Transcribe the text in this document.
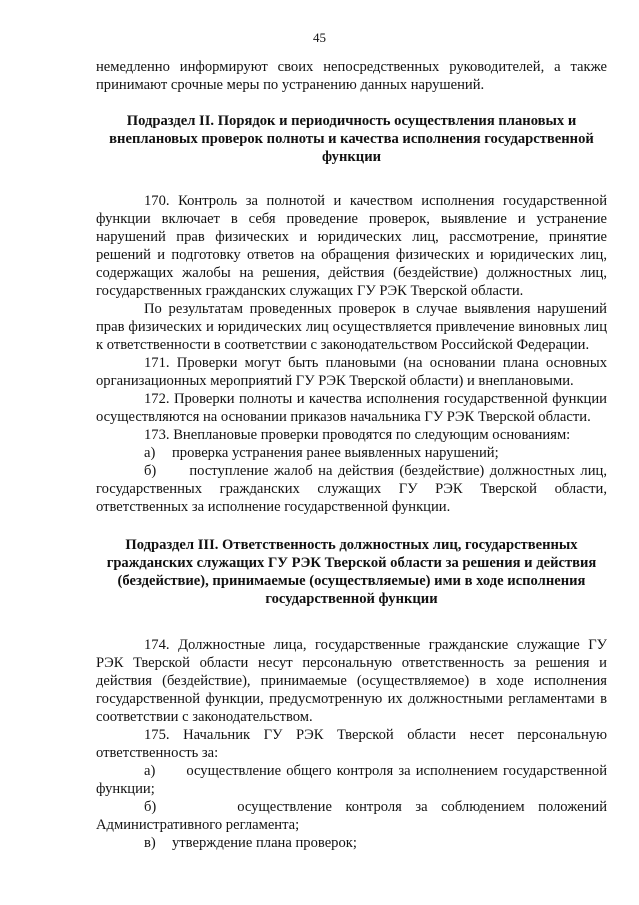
45

немедленно информируют своих непосредственных руководителей, а также принимают срочные меры по устранению данных нарушений.

Подраздел II. Порядок и периодичность осуществления плановых и внеплановых проверок полноты и качества исполнения государственной функции

170. Контроль за полнотой и качеством исполнения государственной функции включает в себя проведение проверок, выявление и устранение нарушений прав физических и юридических лиц, рассмотрение, принятие решений и подготовку ответов на обращения физических и юридических лиц, содержащих жалобы на решения, действия (бездействие) должностных лиц, государственных гражданских служащих ГУ РЭК Тверской области.

По результатам проведенных проверок в случае выявления нарушений прав физических и юридических лиц осуществляется привлечение виновных лиц к ответственности в соответствии с законодательством Российской Федерации.

171. Проверки могут быть плановыми (на основании плана основных организационных мероприятий ГУ РЭК Тверской области) и внеплановыми.

172. Проверки полноты и качества исполнения государственной функции осуществляются на основании приказов начальника ГУ РЭК Тверской области.

173. Внеплановые проверки проводятся по следующим основаниям:

а)	проверка устранения ранее выявленных нарушений;

б) поступление жалоб на действия (бездействие) должностных лиц, государственных гражданских служащих ГУ РЭК Тверской области, ответственных за исполнение государственной функции.

Подраздел III. Ответственность должностных лиц, государственных гражданских служащих ГУ РЭК Тверской области за решения и действия (бездействие), принимаемые (осуществляемые) ими в ходе исполнения государственной функции

174. Должностные лица, государственные гражданские служащие ГУ РЭК Тверской области несут персональную ответственность за решения и действия (бездействие), принимаемые (осуществляемое) в ходе исполнения государственной функции, предусмотренную их должностными регламентами в соответствии с законодательством.

175. Начальник ГУ РЭК Тверской области несет персональную ответственность за:

а) осуществление общего контроля за исполнением государственной функции;

б)	осуществление контроля за соблюдением положений Административного регламента;

в)	утверждение плана проверок;
